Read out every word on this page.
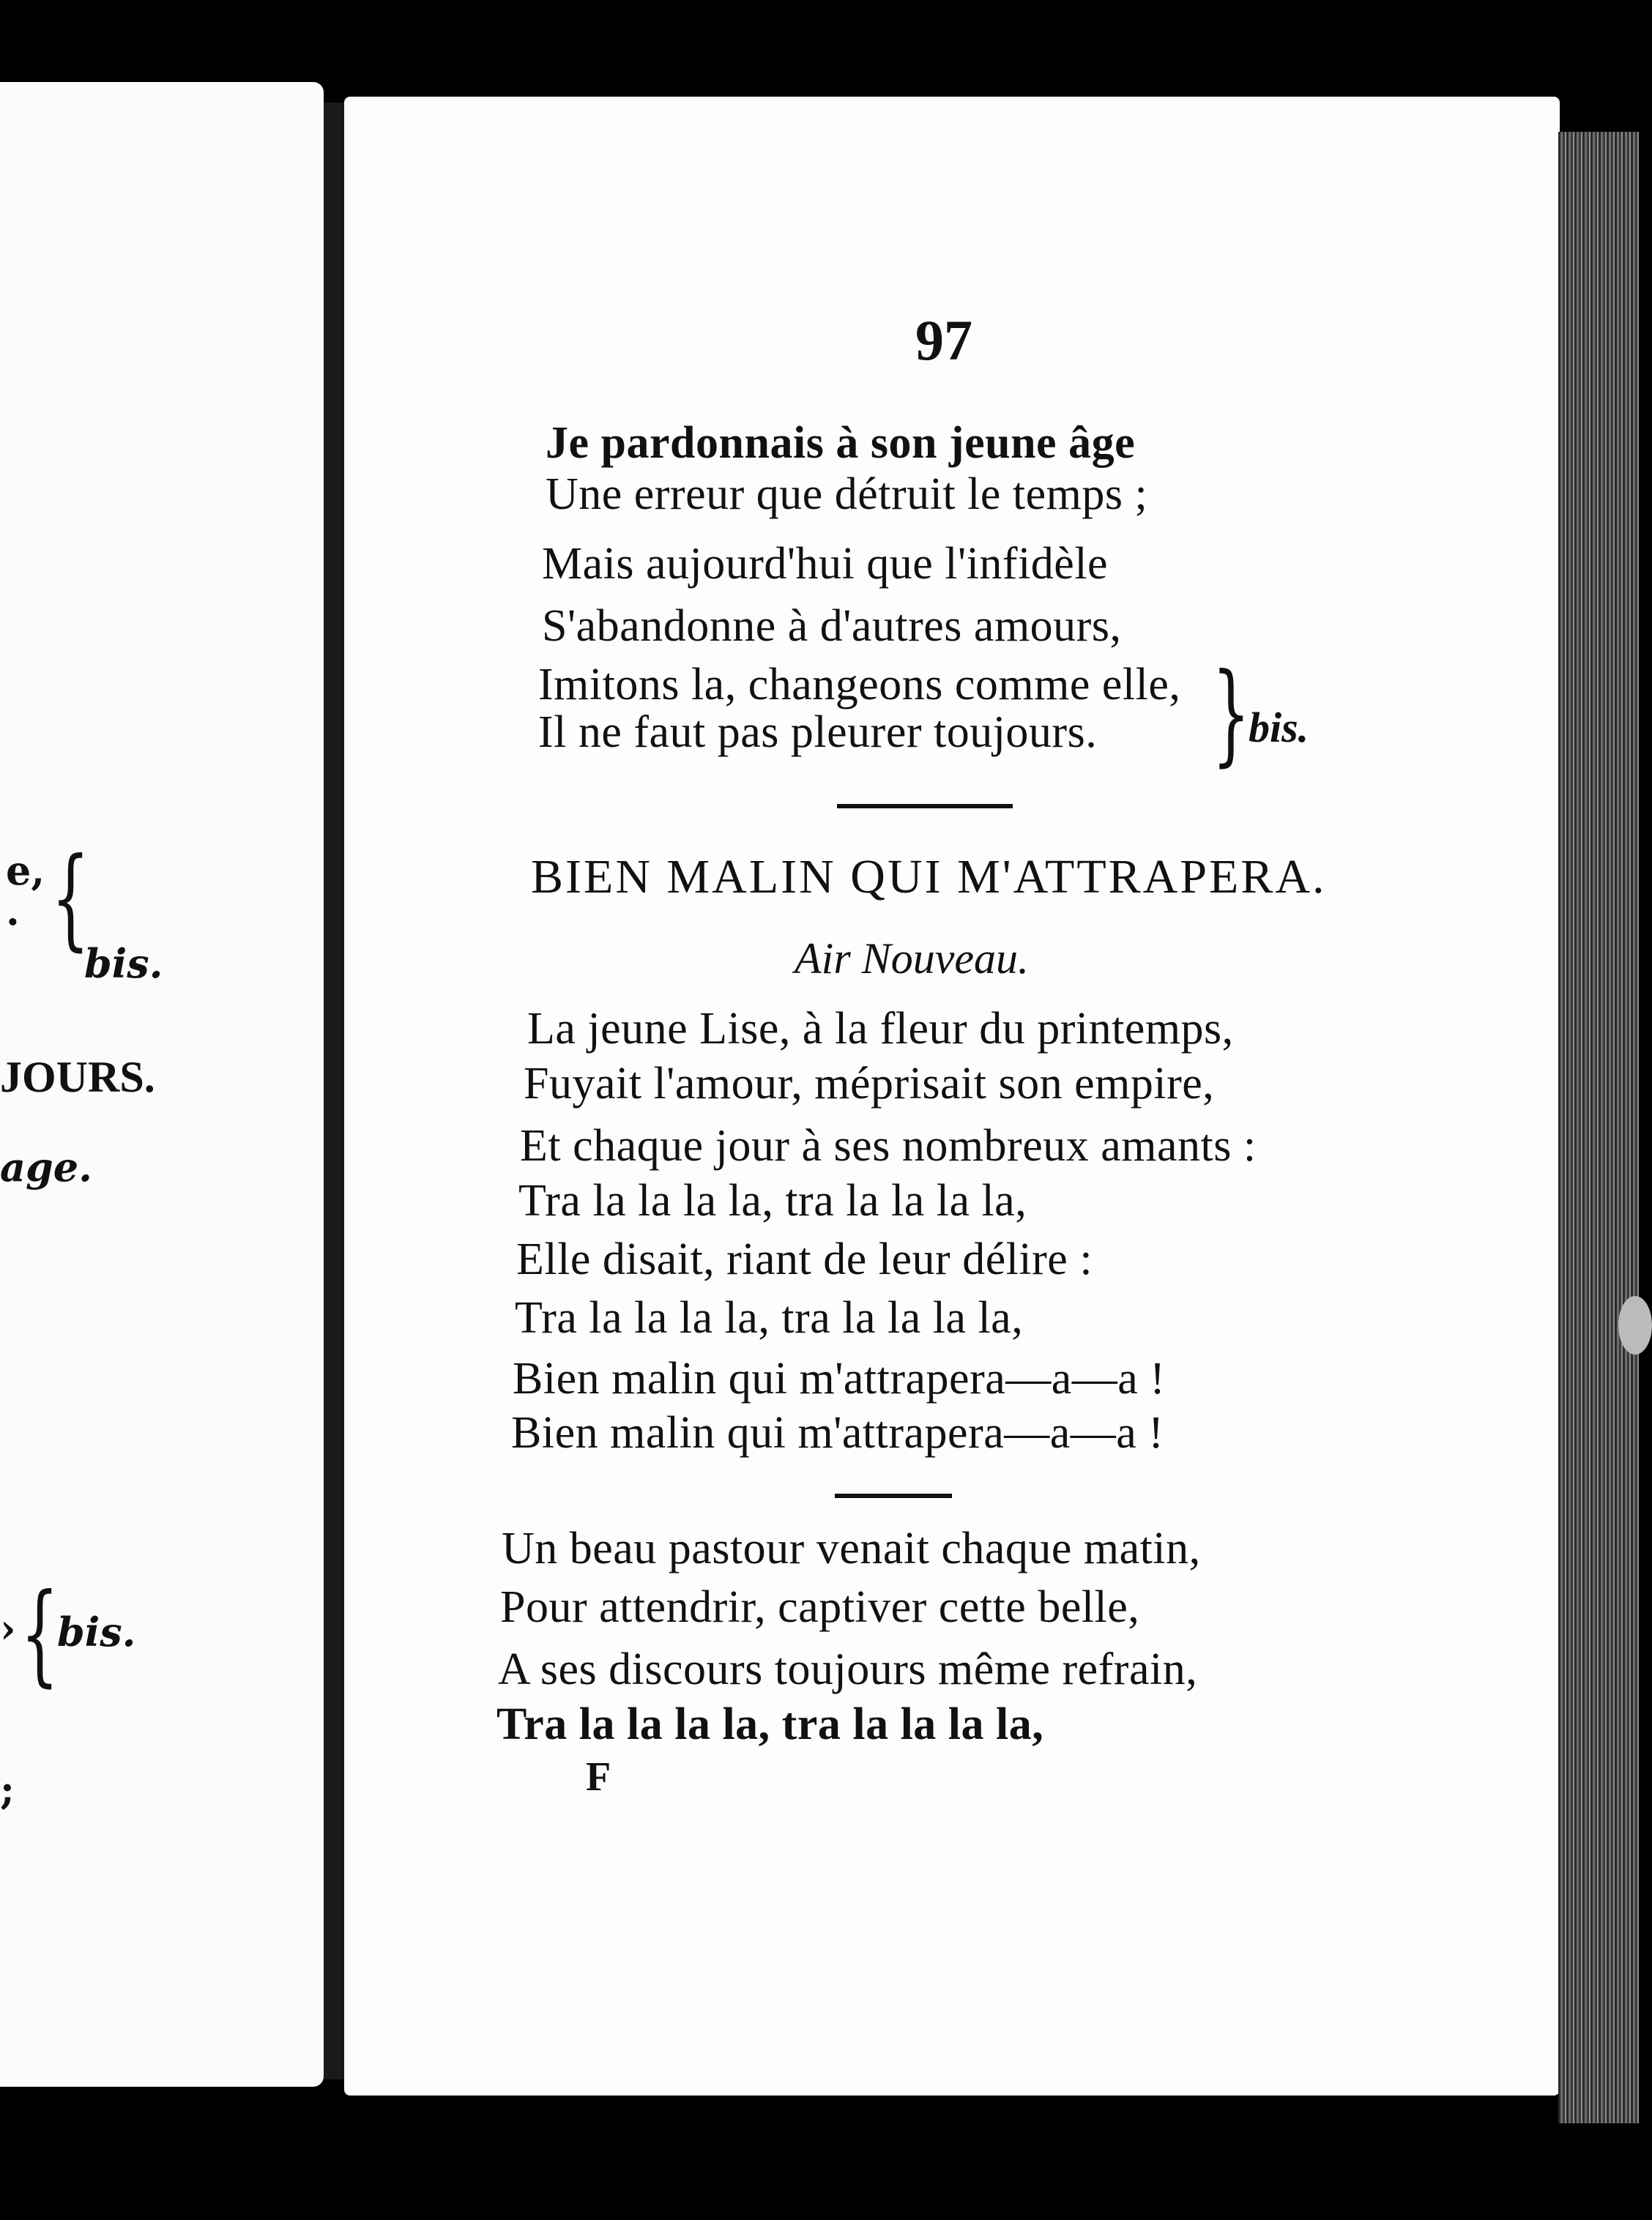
e,
. {
bis.
JOURS.
age.
› {
bis.
;
97
Je pardonnais à son jeune âge
Une erreur que détruit le temps ;
Mais aujourd'hui que l'infidèle
S'abandonne à d'autres amours,
Imitons la, changeons comme elle,
Il ne faut pas pleurer toujours. }
bis.
BIEN MALIN QUI M'ATTRAPERA.
Air Nouveau.
La jeune Lise, à la fleur du printemps,
Fuyait l'amour, méprisait son empire,
Et chaque jour à ses nombreux amants :
Tra la la la la, tra la la la la,
Elle disait, riant de leur délire :
Tra la la la la, tra la la la la,
Bien malin qui m'attrapera—a—a !
Bien malin qui m'attrapera—a—a !
Un beau pastour venait chaque matin,
Pour attendrir, captiver cette belle,
A ses discours toujours même refrain,
Tra la la la la, tra la la la la,
F
